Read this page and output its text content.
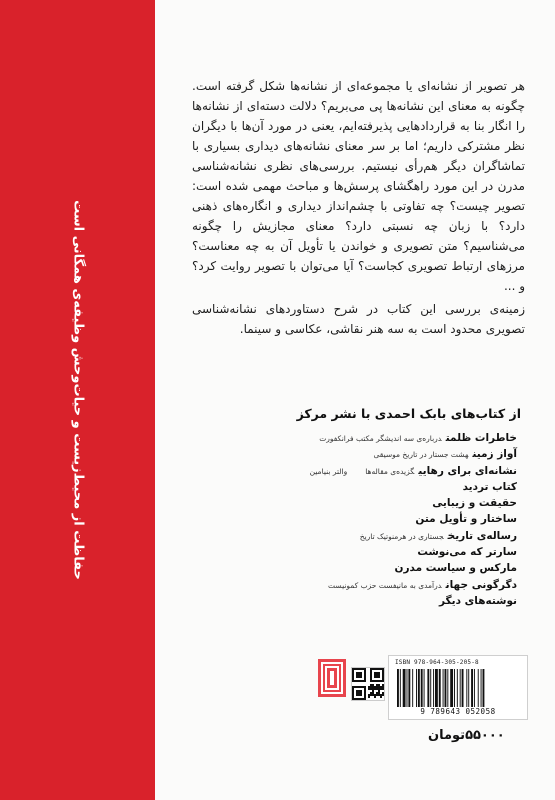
حفاظت از محیط‌زیست و حیات‌وحش وظیفه‌ی همگانی است

هر تصویر از نشانه‌ای یا مجموعه‌ای از نشانه‌ها شکل گرفته است. چگونه به معنای این نشانه‌ها پی می‌بریم؟ دلالت دسته‌ای از نشانه‌ها را انگار بنا به قراردادهایی پذیرفته‌ایم، یعنی در مورد آن‌ها با دیگران نظر مشترکی داریم؛ اما بر سر معنای نشانه‌های دیداری بسیاری با تماشاگران دیگر هم‌رأی نیستیم. بررسی‌های نظری نشانه‌شناسی مدرن در این مورد راهگشای پرسش‌ها و مباحث مهمی شده است: تصویر چیست؟ چه تفاوتی با چشم‌انداز دیداری و انگاره‌های ذهنی دارد؟ با زبان چه نسبتی دارد؟ معنای مجازیش را چگونه می‌شناسیم؟ متن تصویری و خواندن یا تأویل آن به چه معناست؟ مرزهای ارتباط تصویری کجاست؟ آیا می‌توان با تصویر روایت کرد؟ و ...

زمینه‌ی بررسی این کتاب در شرح دستاوردهای نشانه‌شناسی تصویری محدود است به سه هنر نقاشی، عکاسی و سینما.

از کتاب‌های بابک احمدی با نشر مرکز
خاطرات ظلمتدرباره‌ی سه اندیشگر مکتب فرانکفورت
آواز زمینهشت جستار در تاریخ موسیقی
نشانه‌ای برای رهاییگزیده‌ی مقاله‌هاوالتر بنیامین
کتاب تردید
حقیقت و زیبایی
ساختار و تأویل متن
رساله‌ی تاریخجستاری در هرمنوتیک تاریخ
سارتر که می‌نوشت
مارکس و سیاست مدرن
دگرگونی جهاندرآمدی به مانیفست حزب کمونیست
نوشته‌های دیگر
ISBN 978-964-305-205-8
9 789643 052058
۵۵۰۰۰تومان
